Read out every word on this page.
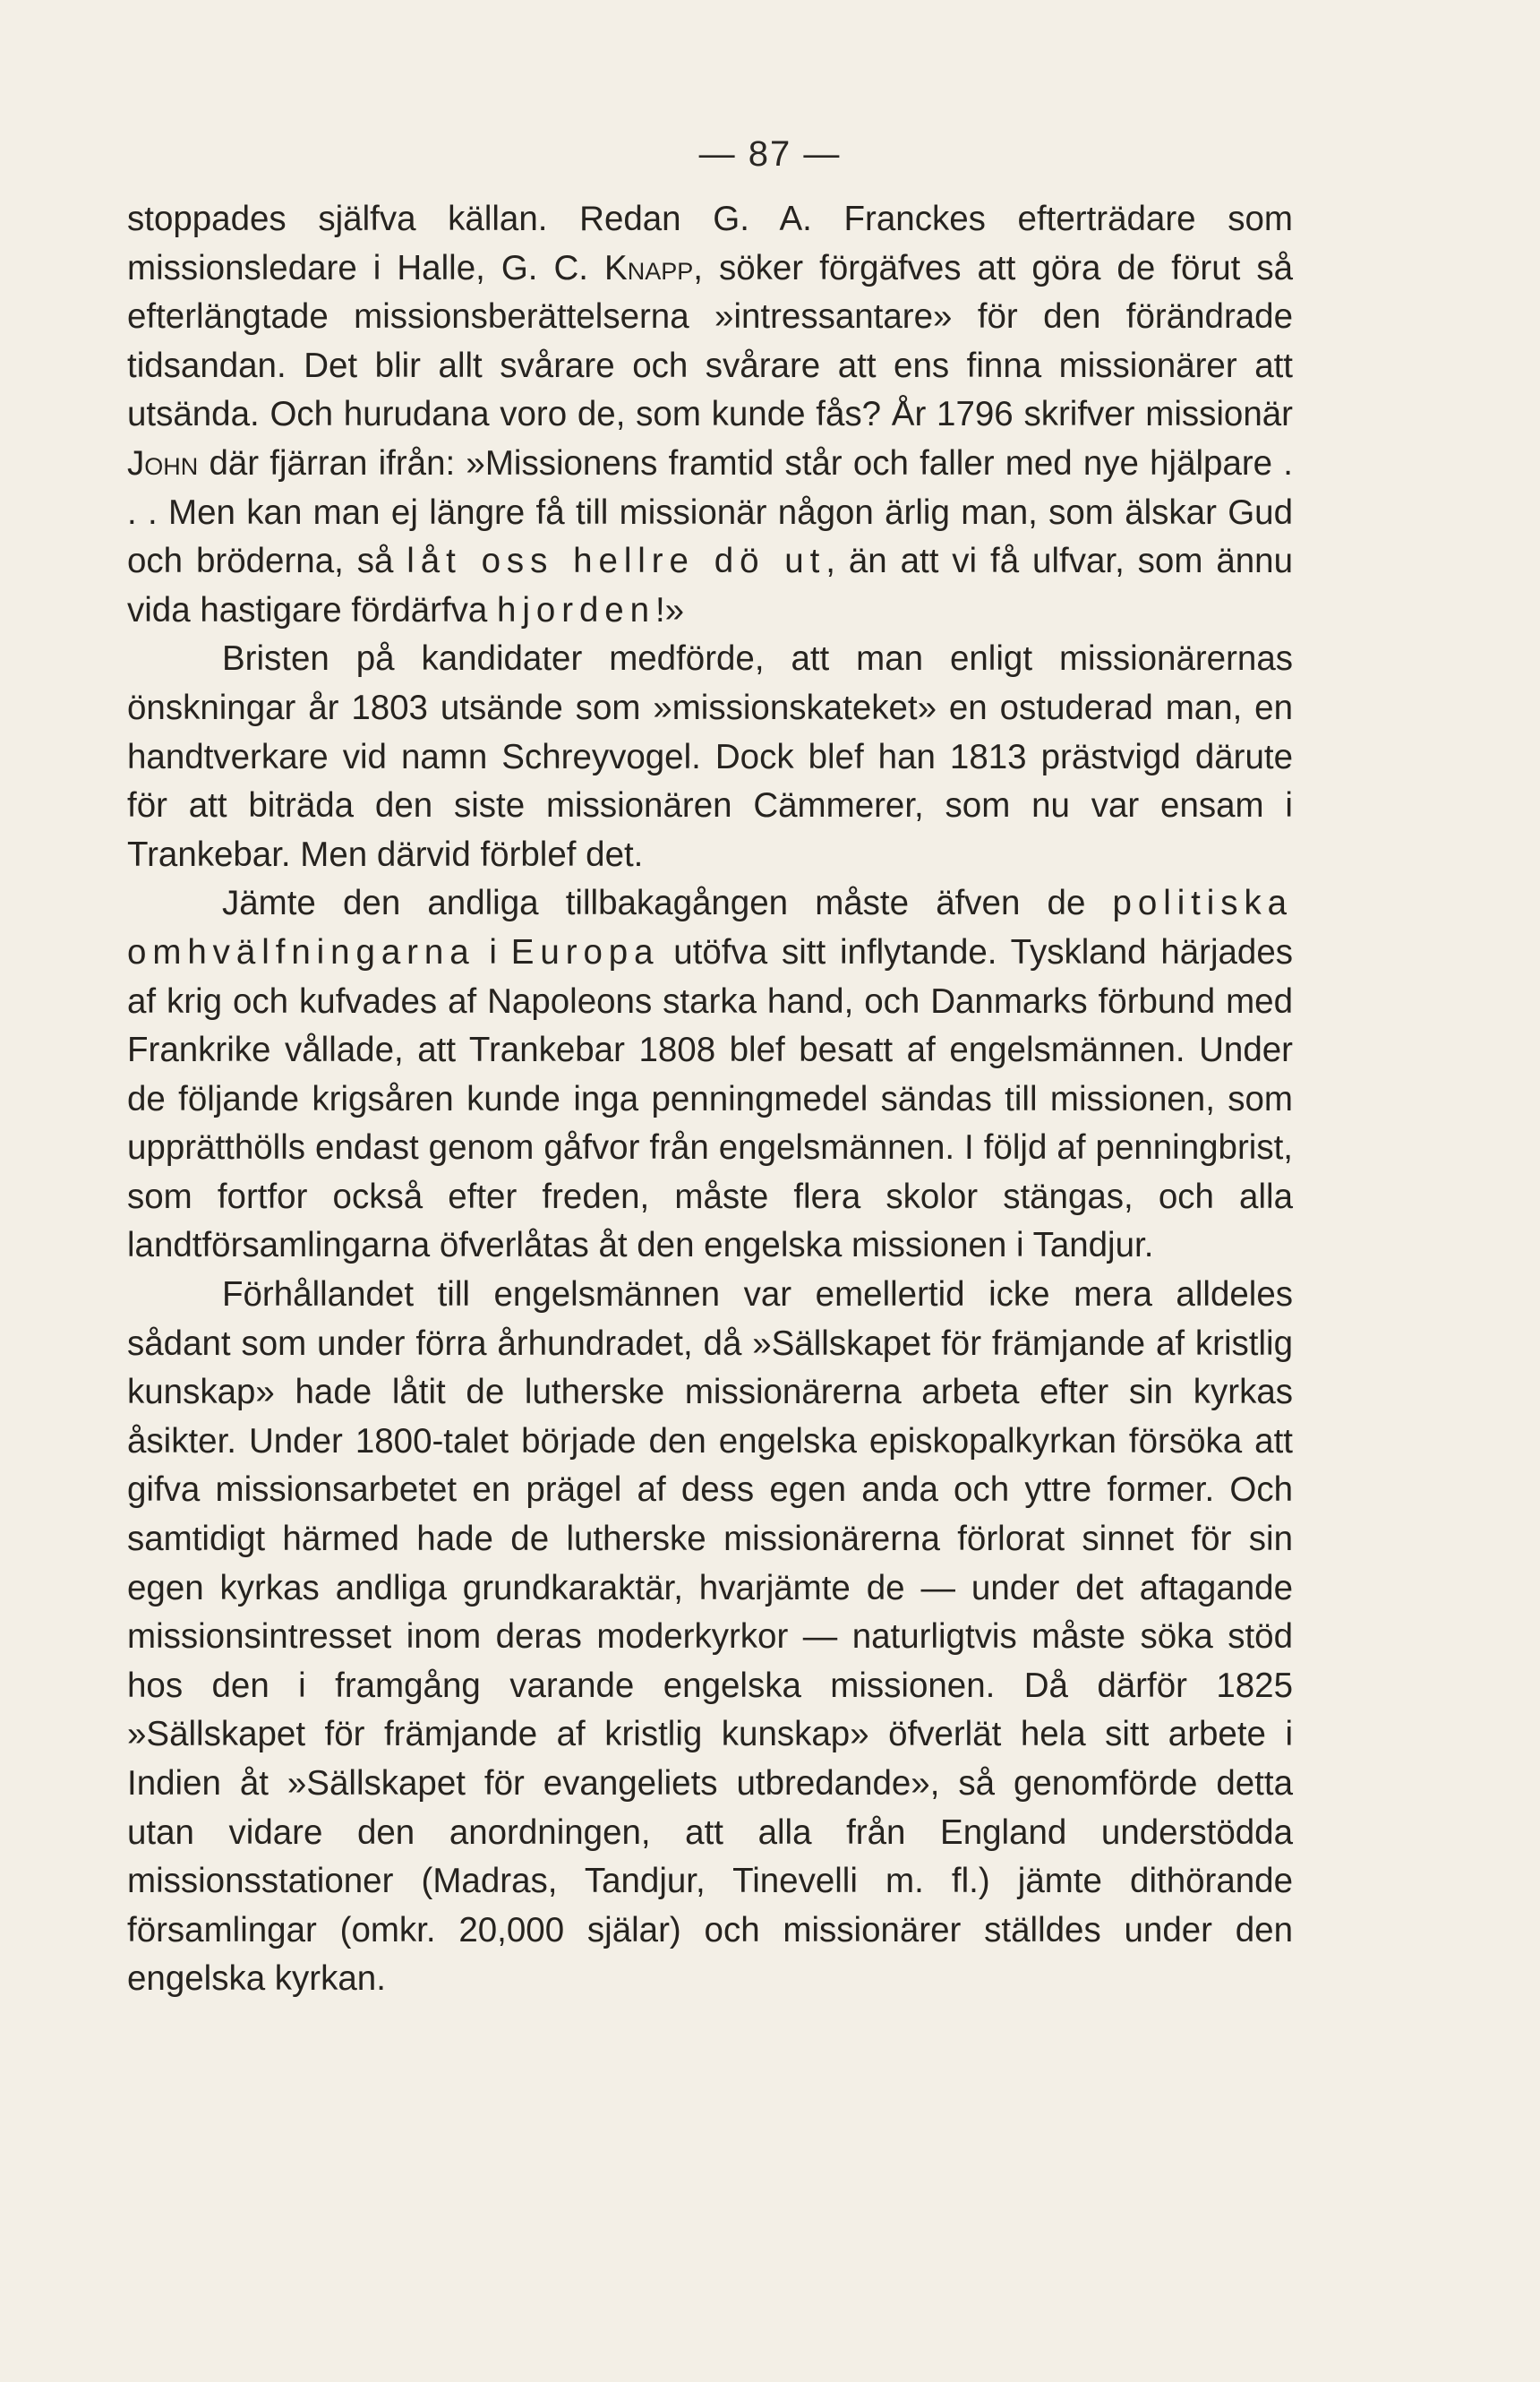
— 87 —

stoppades själfva källan. Redan G. A. Franckes efterträdare som missionsledare i Halle, G. C. Knapp, söker förgäfves att göra de förut så efterlängtade missionsberättelserna »intressantare» för den förändrade tidsandan. Det blir allt svårare och svårare att ens finna missionärer att utsända. Och hurudana voro de, som kunde fås? År 1796 skrifver missionär John där fjärran ifrån: »Missionens framtid står och faller med nye hjälpare . . . Men kan man ej längre få till missionär någon ärlig man, som älskar Gud och bröderna, så låt oss hellre dö ut, än att vi få ulfvar, som ännu vida hastigare fördärfva hjorden!»

Bristen på kandidater medförde, att man enligt missionärernas önskningar år 1803 utsände som »missionskateket» en ostuderad man, en handtverkare vid namn Schreyvogel. Dock blef han 1813 prästvigd därute för att biträda den siste missionären Cämmerer, som nu var ensam i Trankebar. Men därvid förblef det.

Jämte den andliga tillbakagången måste äfven de politiska omhvälfningarna i Europa utöfva sitt inflytande. Tyskland härjades af krig och kufvades af Napoleons starka hand, och Danmarks förbund med Frankrike vållade, att Trankebar 1808 blef besatt af engelsmännen. Under de följande krigsåren kunde inga penningmedel sändas till missionen, som upprätthölls endast genom gåfvor från engelsmännen. I följd af penningbrist, som fortfor också efter freden, måste flera skolor stängas, och alla landtförsamlingarna öfverlåtas åt den engelska missionen i Tandjur.

Förhållandet till engelsmännen var emellertid icke mera alldeles sådant som under förra århundradet, då »Sällskapet för främjande af kristlig kunskap» hade låtit de lutherske missionärerna arbeta efter sin kyrkas åsikter. Under 1800-talet började den engelska episkopalkyrkan försöka att gifva missionsarbetet en prägel af dess egen anda och yttre former. Och samtidigt härmed hade de lutherske missionärerna förlorat sinnet för sin egen kyrkas andliga grundkaraktär, hvarjämte de — under det aftagande missionsintresset inom deras moderkyrkor — naturligtvis måste söka stöd hos den i framgång varande engelska missionen. Då därför 1825 »Sällskapet för främjande af kristlig kunskap» öfverlät hela sitt arbete i Indien åt »Sällskapet för evangeliets utbredande», så genomförde detta utan vidare den anordningen, att alla från England understödda missionsstationer (Madras, Tandjur, Tinevelli m. fl.) jämte dithörande församlingar (omkr. 20,000 själar) och missionärer ställdes under den engelska kyrkan.
